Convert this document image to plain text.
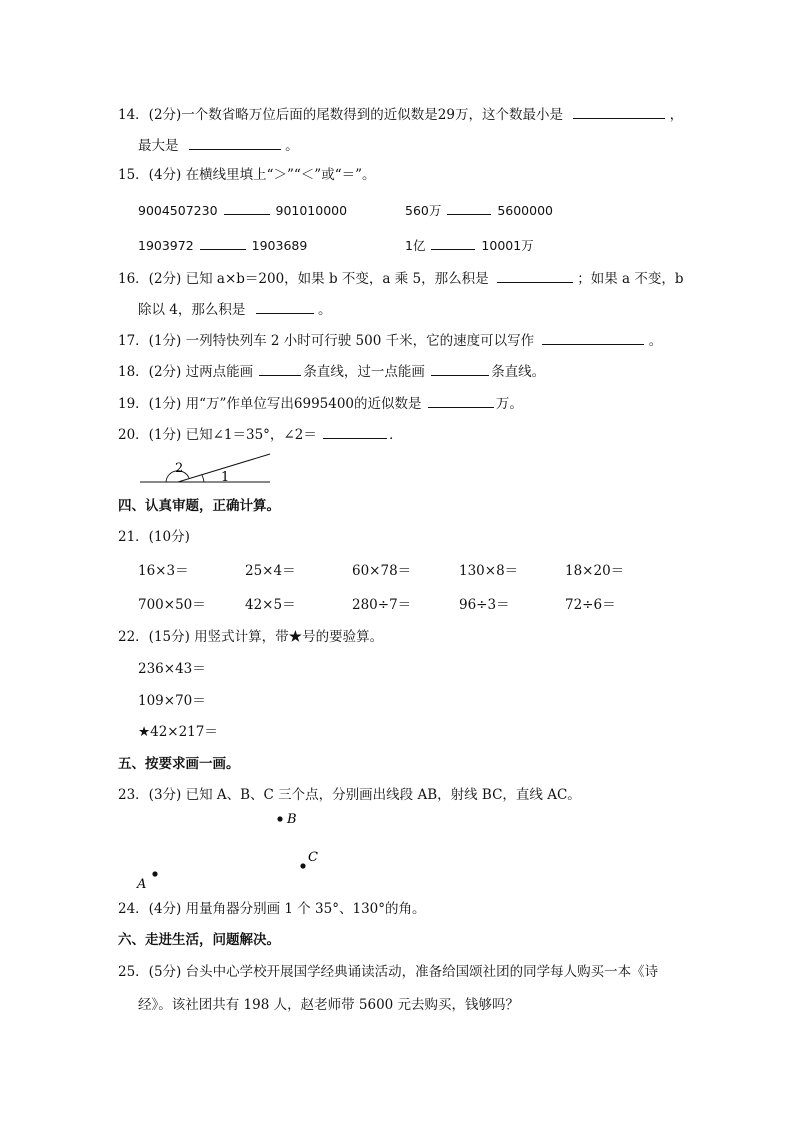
14．(2分)一个数省略万位后面的尾数得到的近似数是29万，这个数最小是	，
最大是	。
15．(4分) 在横线里填上“＞”“＜”或“＝”。
9004507230	901010000	560万	5600000
1903972	1903689	1亿	10001万
16．(2分) 已知 a×b＝200，如果 b 不变，a 乘 5，那么积是	；如果 a 不变，b
除以 4，那么积是	。
17．(1分) 一列特快列车 2 小时可行驶 500 千米，它的速度可以写作	。
18．(2分) 过两点能画	条直线，过一点能画	条直线。
19．(1分) 用“万”作单位写出6995400的近似数是	万。
20．(1分) 已知∠1＝35°，∠2＝	．
2
1
四、认真审题，正确计算。
21．(10分)
16×3＝	25×4＝	60×78＝	130×8＝	18×20＝
700×50＝	42×5＝	280÷7＝	96÷3＝	72÷6＝
22．(15分) 用竖式计算，带★号的要验算。
236×43＝
109×70＝
★42×217＝
五、按要求画一画。
23．(3分) 已知 A、B、C 三个点，分别画出线段 AB，射线 BC，直线 AC。
B
C
A
24．(4分) 用量角器分别画 1 个 35°、130°的角。
六、走进生活，问题解决。
25．(5分) 台头中心学校开展国学经典诵读活动，准备给国颂社团的同学每人购买一本《诗
经》。该社团共有 198 人，赵老师带 5600 元去购买，钱够吗？
